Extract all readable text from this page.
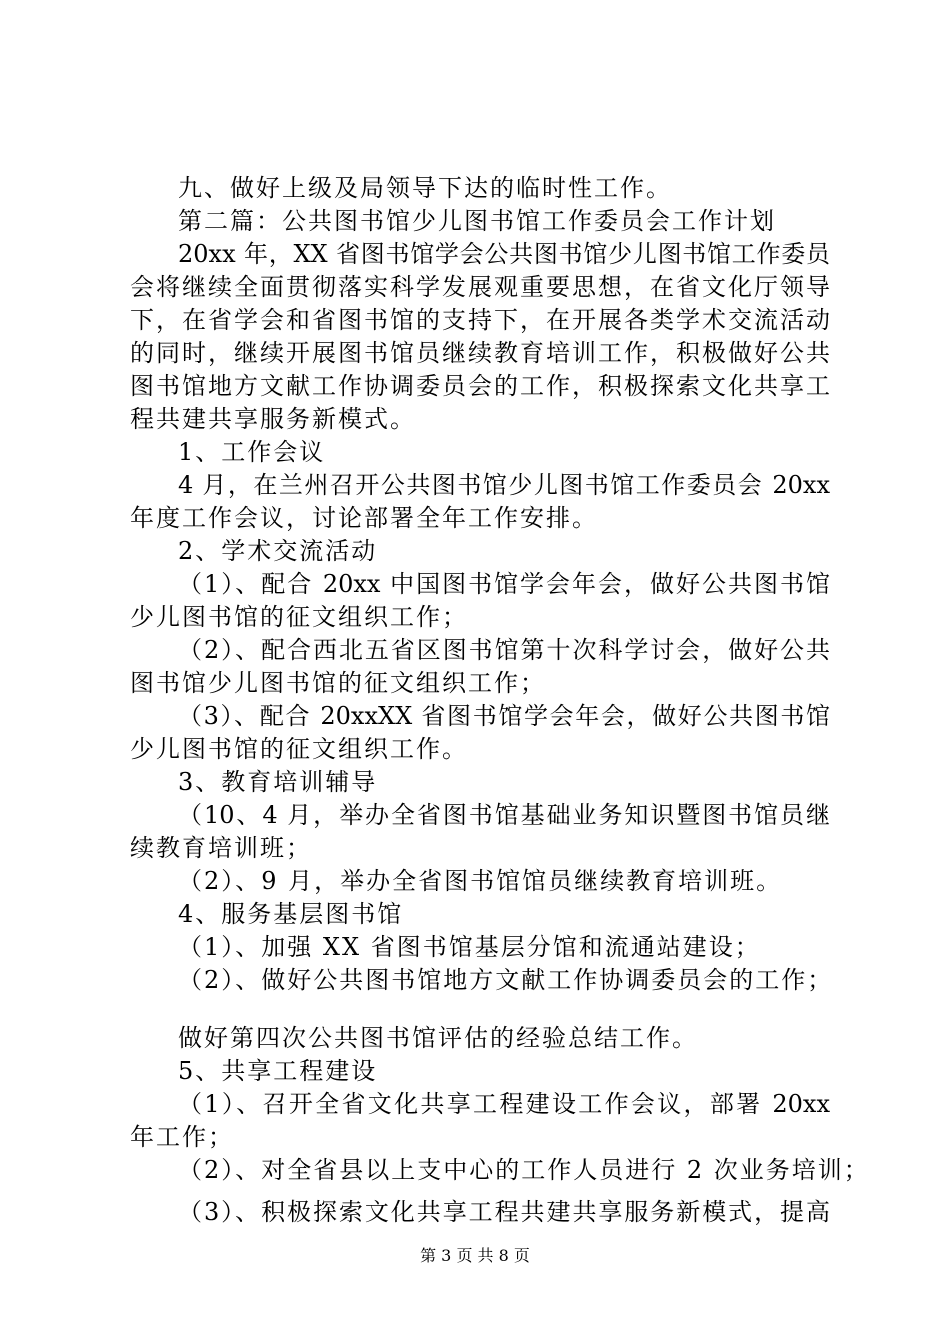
九、做好上级及局领导下达的临时性工作。
第二篇：公共图书馆少儿图书馆工作委员会工作计划
20xx 年，XX 省图书馆学会公共图书馆少儿图书馆工作委员
会将继续全面贯彻落实科学发展观重要思想，在省文化厅领导
下，在省学会和省图书馆的支持下，在开展各类学术交流活动
的同时，继续开展图书馆员继续教育培训工作，积极做好公共
图书馆地方文献工作协调委员会的工作，积极探索文化共享工
程共建共享服务新模式。
1、工作会议
4 月，在兰州召开公共图书馆少儿图书馆工作委员会 20xx
年度工作会议，讨论部署全年工作安排。
2、学术交流活动
（1）、配合 20xx 中国图书馆学会年会，做好公共图书馆
少儿图书馆的征文组织工作；
（2）、配合西北五省区图书馆第十次科学讨会，做好公共
图书馆少儿图书馆的征文组织工作；
（3）、配合 20xxXX 省图书馆学会年会，做好公共图书馆
少儿图书馆的征文组织工作。
3、教育培训辅导
（10、4 月，举办全省图书馆基础业务知识暨图书馆员继
续教育培训班；
（2）、9 月，举办全省图书馆馆员继续教育培训班。
4、服务基层图书馆
（1）、加强 XX 省图书馆基层分馆和流通站建设；
（2）、做好公共图书馆地方文献工作协调委员会的工作；
做好第四次公共图书馆评估的经验总结工作。
5、共享工程建设
（1）、召开全省文化共享工程建设工作会议，部署 20xx
年工作；
（2）、对全省县以上支中心的工作人员进行 2 次业务培训；
（3）、积极探索文化共享工程共建共享服务新模式，提高
第 3 页 共 8 页
